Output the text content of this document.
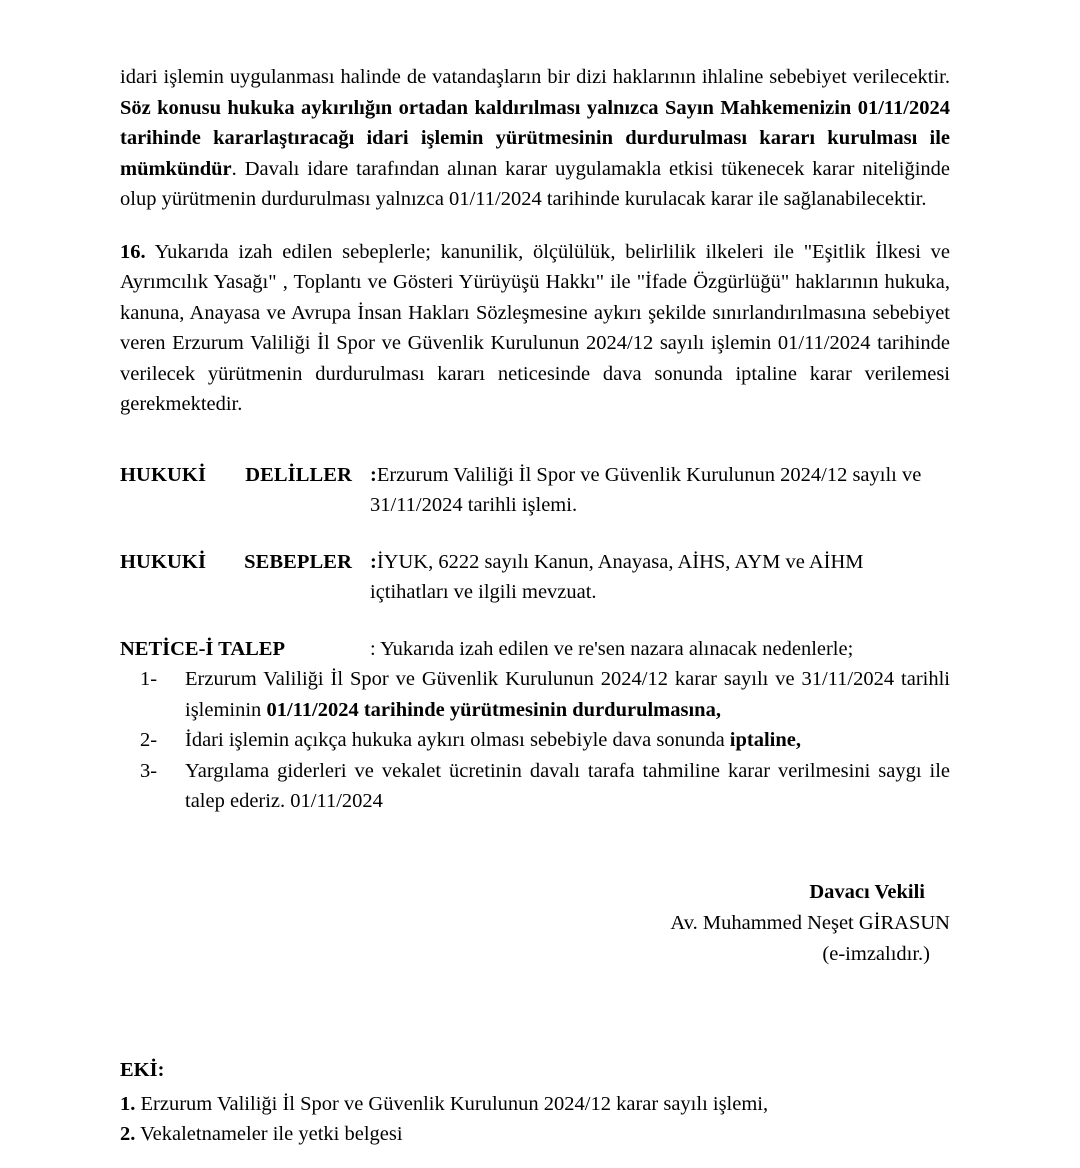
idari işlemin uygulanması halinde de vatandaşların bir dizi haklarının ihlaline sebebiyet verilecektir. Söz konusu hukuka aykırılığın ortadan kaldırılması yalnızca Sayın Mahkemenizin 01/11/2024 tarihinde kararlaştıracağı idari işlemin yürütmesinin durdurulması kararı kurulması ile mümkündür. Davalı idare tarafından alınan karar uygulamakla etkisi tükenecek karar niteliğinde olup yürütmenin durdurulması yalnızca 01/11/2024 tarihinde kurulacak karar ile sağlanabilecektir.

16. Yukarıda izah edilen sebeplerle; kanunilik, ölçülülük, belirlilik ilkeleri ile "Eşitlik İlkesi ve Ayrımcılık Yasağı" , Toplantı ve Gösteri Yürüyüşü Hakkı" ile "İfade Özgürlüğü" haklarının hukuka, kanuna, Anayasa ve Avrupa İnsan Hakları Sözleşmesine aykırı şekilde sınırlandırılmasına sebebiyet veren Erzurum Valiliği İl Spor ve Güvenlik Kurulunun 2024/12 sayılı işlemin 01/11/2024 tarihinde verilecek yürütmenin durdurulması kararı neticesinde dava sonunda iptaline karar verilemesi gerekmektedir.

HUKUKİ DELİLLER :Erzurum Valiliği İl Spor ve Güvenlik Kurulunun 2024/12 sayılı ve
31/11/2024 tarihli işlemi.

HUKUKİ SEBEPLER :İYUK, 6222 sayılı Kanun, Anayasa, AİHS, AYM ve AİHM
içtihatları ve ilgili mevzuat.

NETİCE-İ TALEP	: Yukarıda izah edilen ve re'sen nazara alınacak nedenlerle;

1-	Erzurum Valiliği İl Spor ve Güvenlik Kurulunun 2024/12 karar sayılı ve 31/11/2024 tarihli işleminin 01/11/2024 tarihinde yürütmesinin durdurulmasına,
2-	İdari işlemin açıkça hukuka aykırı olması sebebiyle dava sonunda iptaline,
3-	Yargılama giderleri ve vekalet ücretinin davalı tarafa tahmiline karar verilmesini saygı ile talep ederiz. 01/11/2024
Davacı Vekili
Av. Muhammed Neşet GİRASUN
(e-imzalıdır.)
EKİ:
1. Erzurum Valiliği İl Spor ve Güvenlik Kurulunun 2024/12 karar sayılı işlemi,
2. Vekaletnameler ile yetki belgesi
